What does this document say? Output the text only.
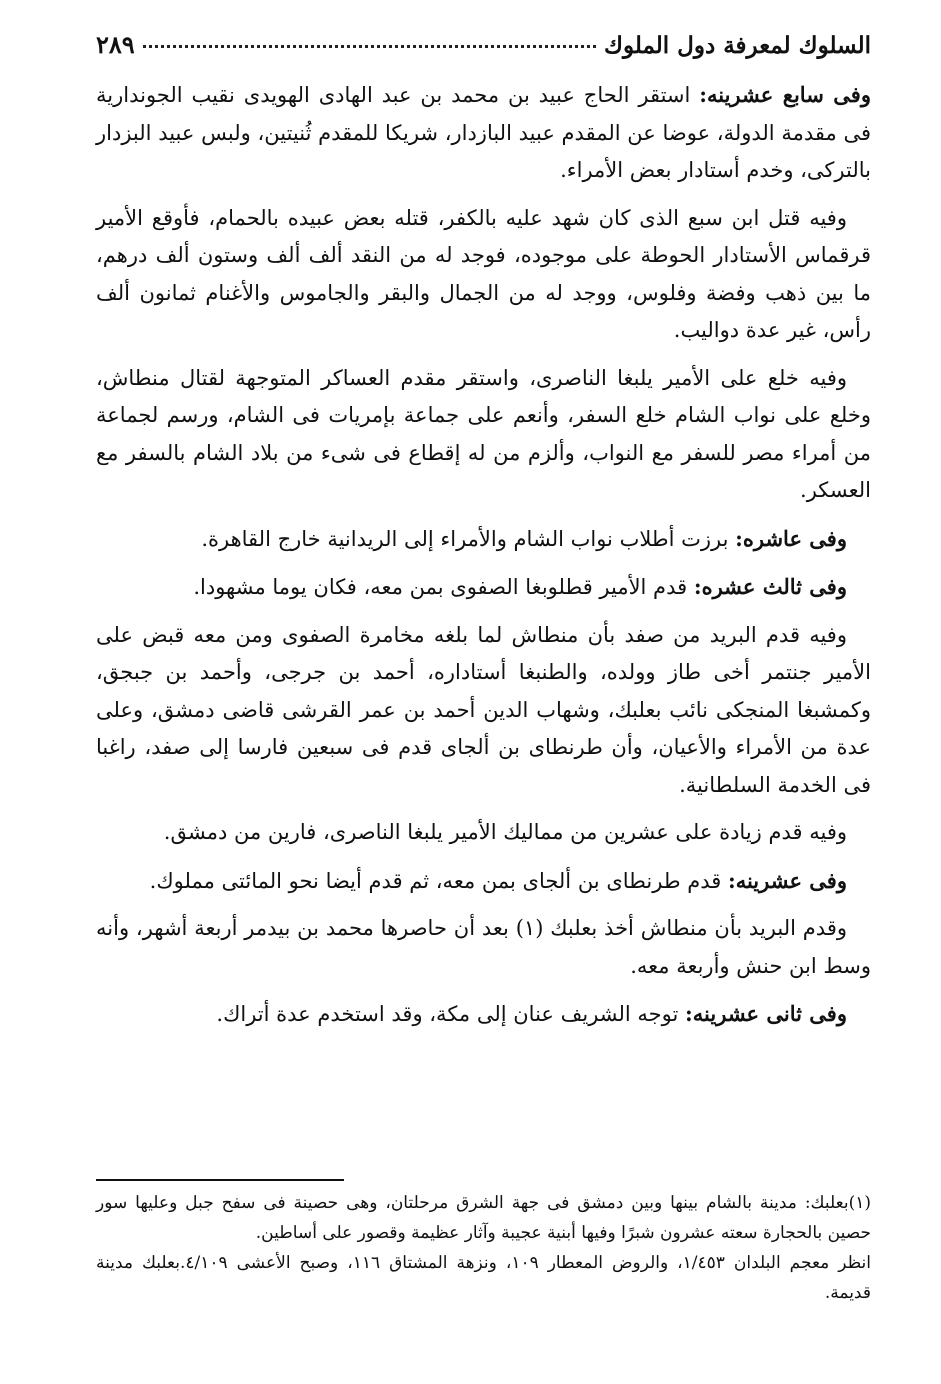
السلوك لمعرفة دول الملوك
٢٨٩

وفى سابع عشرينه: استقر الحاج عبيد بن محمد بن عبد الهادى الهويدى نقيب الجوندارية فى مقدمة الدولة، عوضا عن المقدم عبيد البازدار، شريكا للمقدم ثُنيتين، ولبس عبيد البزدار بالتركى، وخدم أستادار بعض الأمراء.

وفيه قتل ابن سبع الذى كان شهد عليه بالكفر، قتله بعض عبيده بالحمام، فأوقع الأمير قرقماس الأستادار الحوطة على موجوده، فوجد له من النقد ألف ألف وستون ألف درهم، ما بين ذهب وفضة وفلوس، ووجد له من الجمال والبقر والجاموس والأغنام ثمانون ألف رأس، غير عدة دواليب.

وفيه خلع على الأمير يلبغا الناصرى، واستقر مقدم العساكر المتوجهة لقتال منطاش، وخلع على نواب الشام خلع السفر، وأنعم على جماعة بإمريات فى الشام، ورسم لجماعة من أمراء مصر للسفر مع النواب، وألزم من له إقطاع فى شىء من بلاد الشام بالسفر مع العسكر.

وفى عاشره: برزت أطلاب نواب الشام والأمراء إلى الريدانية خارج القاهرة.

وفى ثالث عشره: قدم الأمير قطلوبغا الصفوى بمن معه، فكان يوما مشهودا.

وفيه قدم البريد من صفد بأن منطاش لما بلغه مخامرة الصفوى ومن معه قبض على الأمير جنتمر أخى طاز وولده، والطنبغا أستاداره، أحمد بن جرجى، وأحمد بن جبجق، وكمشبغا المنجكى نائب بعلبك، وشهاب الدين أحمد بن عمر القرشى قاضى دمشق، وعلى عدة من الأمراء والأعيان، وأن طرنطاى بن ألجاى قدم فى سبعين فارسا إلى صفد، راغبا فى الخدمة السلطانية.

وفيه قدم زيادة على عشرين من مماليك الأمير يلبغا الناصرى، فارين من دمشق.

وفى عشرينه: قدم طرنطاى بن ألجاى بمن معه، ثم قدم أيضا نحو المائتى مملوك.

وقدم البريد بأن منطاش أخذ بعلبك (١) بعد أن حاصرها محمد بن بيدمر أربعة أشهر، وأنه وسط ابن حنش وأربعة معه.

وفى ثانى عشرينه: توجه الشريف عنان إلى مكة، وقد استخدم عدة أتراك.

(١)بعلبك: مدينة بالشام بينها وبين دمشق فى جهة الشرق مرحلتان، وهى حصينة فى سفح جبل وعليها سور حصين بالحجارة سعته عشرون شبرًا وفيها أبنية عجيبة وآثار عظيمة وقصور على أساطين.

انظر معجم البلدان ١/٤٥٣، والروض المعطار ١٠٩، ونزهة المشتاق ١١٦، وصبح الأعشى ٤/١٠٩.بعلبك مدينة قديمة.
